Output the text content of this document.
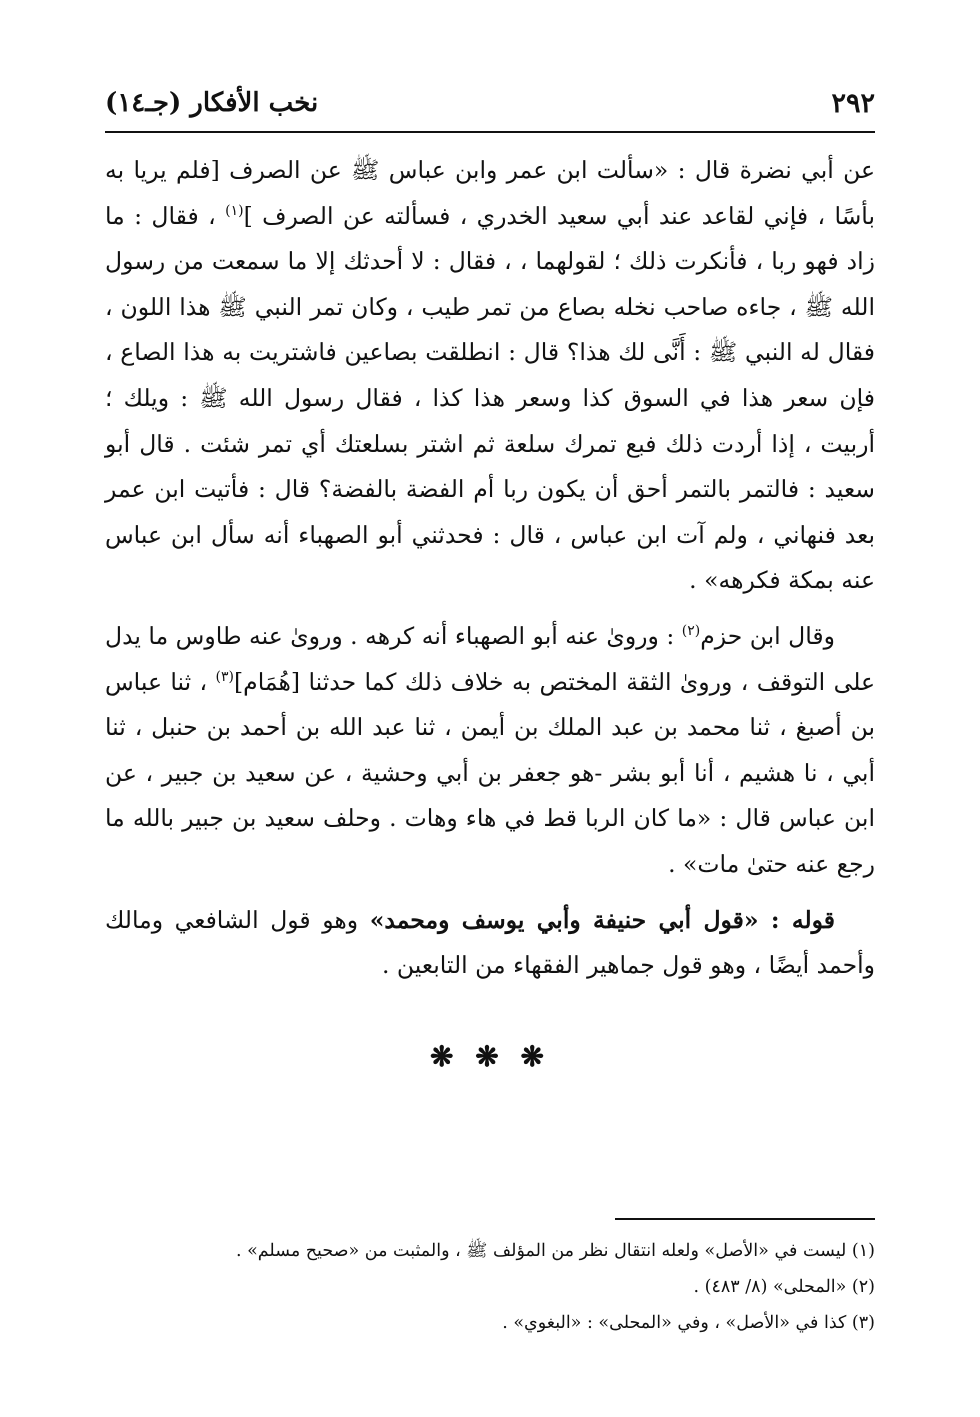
٢٩٢
نخب الأفكار (جـ١٤)

عن أبي نضرة قال : «سألت ابن عمر وابن عباس ﷺ عن الصرف [فلم يريا به بأسًا ، فإني لقاعد عند أبي سعيد الخدري ، فسألته عن الصرف ]$^{(١)}$ ، فقال : ما زاد فهو ربا ، فأنكرت ذلك ؛ لقولهما ، ، فقال : لا أحدثك إلا ما سمعت من رسول الله ﷺ ، جاءه صاحب نخله بصاع من تمر طيب ، وكان تمر النبي ﷺ هذا اللون ، فقال له النبي ﷺ : أَنَّى لك هذا؟ قال : انطلقت بصاعين فاشتريت به هذا الصاع ، فإن سعر هذا في السوق كذا وسعر هذا كذا ، فقال رسول الله ﷺ : ويلك ؛ أربيت ، إذا أردت ذلك فبع تمرك سلعة ثم اشتر بسلعتك أي تمر شئت . قال أبو سعيد : فالتمر بالتمر أحق أن يكون ربا أم الفضة بالفضة؟ قال : فأتيت ابن عمر بعد فنهاني ، ولم آت ابن عباس ، قال : فحدثني أبو الصهباء أنه سأل ابن عباس عنه بمكة فكرهه» .

وقال ابن حزم$^{(٢)}$ : وروىٰ عنه أبو الصهباء أنه كرهه . وروىٰ عنه طاوس ما يدل على التوقف ، وروىٰ الثقة المختص به خلاف ذلك كما حدثنا [هُمَام]$^{(٣)}$ ، ثنا عباس بن أصبغ ، ثنا محمد بن عبد الملك بن أيمن ، ثنا عبد الله بن أحمد بن حنبل ، ثنا أبي ، نا هشيم ، أنا أبو بشر -هو جعفر بن أبي وحشية ، عن سعيد بن جبير ، عن ابن عباس قال : «ما كان الربا قط في هاء وهات . وحلف سعيد بن جبير بالله ما رجع عنه حتىٰ مات» .

قوله : «قول أبي حنيفة وأبي يوسف ومحمد» وهو قول الشافعي ومالك وأحمد أيضًا ، وهو قول جماهير الفقهاء من التابعين .

❋ ❋ ❋

(١) ليست في «الأصل» ولعله انتقال نظر من المؤلف ﷺ ، والمثبت من «صحيح مسلم» .

(٢) «المحلى» (٨/ ٤٨٣) .

(٣) كذا في «الأصل» ، وفي «المحلى» : «البغوي» .
